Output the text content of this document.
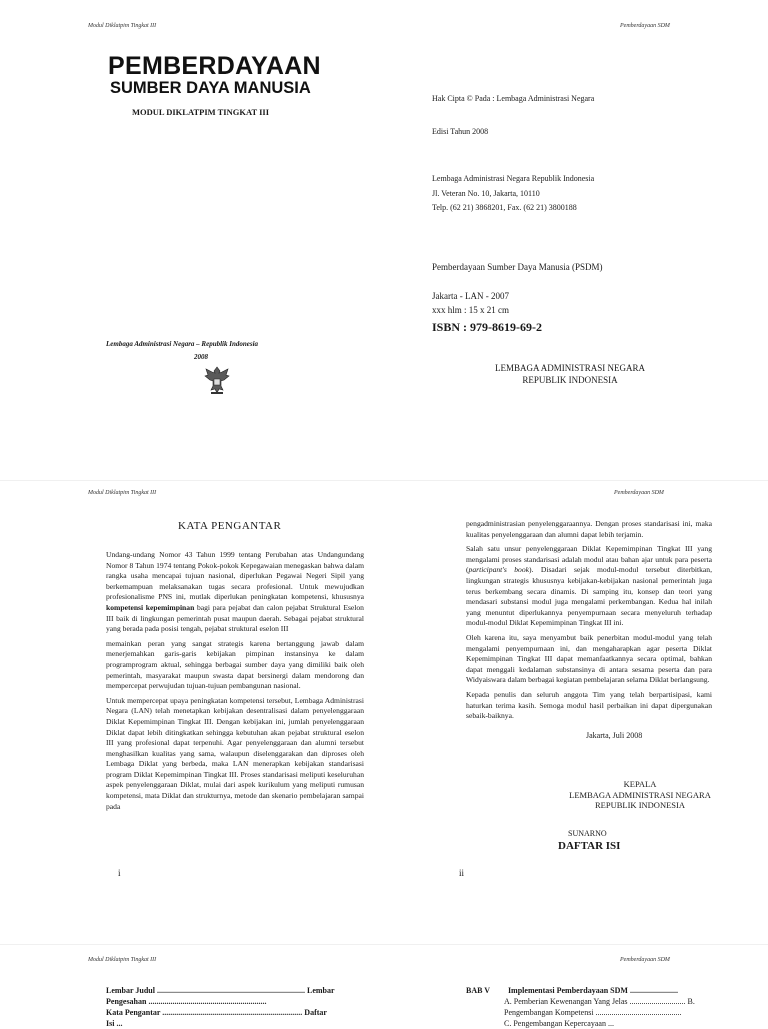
Modul Diklatpim Tingkat III	Pemberdayaan SDM
PEMBERDAYAAN
SUMBER DAYA MANUSIA
MODUL DIKLATPIM TINGKAT III
Lembaga Administrasi Negara – Republik Indonesia
2008
Hak Cipta © Pada : Lembaga Administrasi Negara
Edisi Tahun 2008
Lembaga Administrasi Negara Republik Indonesia
Jl. Veteran No. 10, Jakarta, 10110
Telp. (62 21) 3868201, Fax. (62 21) 3800188
Pemberdayaan Sumber Daya Manusia (PSDM)
Jakarta - LAN - 2007
xxx hlm : 15 x 21 cm
ISBN : 979-8619-69-2
LEMBAGA ADMINISTRASI NEGARA
REPUBLIK INDONESIA
Modul Diklatpim Tingkat III	Pemberdayaan SDM
KATA PENGANTAR

Undang-undang Nomor 43 Tahun 1999 tentang Perubahan atas Undangundang Nomor 8 Tahun 1974 tentang Pokok-pokok Kepegawaian menegaskan bahwa dalam rangka usaha mencapai tujuan nasional, diperlukan Pegawai Negeri Sipil yang berkemampuan melaksanakan tugas secara profesional. Untuk mewujudkan profesionalisme PNS ini, mutlak diperlukan peningkatan kompetensi, khususnya kompetensi kepemimpinan bagi para pejabat dan calon pejabat Struktural Eselon III baik di lingkungan pemerintah pusat maupun daerah. Sebagai pejabat struktural yang berada pada posisi tengah, pejabat struktural eselon III

memainkan peran yang sangat strategis karena bertanggung jawab dalam menerjemahkan garis-garis kebijakan pimpinan instansinya ke dalam programprogram aktual, sehingga berbagai sumber daya yang dimiliki baik oleh pemerintah, masyarakat maupun swasta dapat bersinergi dalam mendorong dan mempercepat perwujudan tujuan-tujuan pembangunan nasional.

Untuk mempercepat upaya peningkatan kompetensi tersebut, Lembaga Administrasi Negara (LAN) telah menetapkan kebijakan desentralisasi dalam penyelenggaraan Diklat Kepemimpinan Tingkat III. Dengan kebijakan ini, jumlah penyelenggaraan Diklat dapat lebih ditingkatkan sehingga kebutuhan akan pejabat struktural eselon III yang profesional dapat terpenuhi. Agar penyelenggaraan dan alumni tersebut menghasilkan kualitas yang sama, walaupun diselenggarakan dan diproses oleh Lembaga Diklat yang berbeda, maka LAN menerapkan kebijakan standarisasi program Diklat Kepemimpinan Tingkat III. Proses standarisasi meliputi keseluruhan aspek penyelenggaraan Diklat, mulai dari aspek kurikulum yang meliputi rumusan kompetensi, mata Diklat dan strukturnya, metode dan skenario pembelajaran sampai pada

pengadministrasian penyelenggaraannya. Dengan proses standarisasi ini, maka kualitas penyelenggaraan dan alumni dapat lebih terjamin.

Salah satu unsur penyelenggaraan Diklat Kepemimpinan Tingkat III yang mengalami proses standarisasi adalah modul atau bahan ajar untuk para peserta (participant's book). Disadari sejak modul-modul tersebut diterbitkan, lingkungan strategis khususnya kebijakan-kebijakan nasional pemerintah juga terus berkembang secara dinamis. Di samping itu, konsep dan teori yang mendasari substansi modul juga mengalami perkembangan. Kedua hal inilah yang menuntut diperlukannya penyempurnaan secara menyeluruh terhadap modul-modul Diklat Kepemimpinan Tingkat III ini.

Oleh karena itu, saya menyambut baik penerbitan modul-modul yang telah mengalami penyempurnaan ini, dan mengaharapkan agar peserta Diklat Kepemimpinan Tingkat III dapat memanfaatkannya secara optimal, bahkan dapat menggali kedalaman substansinya di antara sesama peserta dan para Widyaiswara dalam berbagai kegiatan pembelajaran selama Diklat berlangsung.

Kepada penulis dan seluruh anggota Tim yang telah berpartisipasi, kami haturkan terima kasih. Semoga modul hasil perbaikan ini dapat dipergunakan sebaik-baiknya.

Jakarta, Juli 2008
KEPALA
LEMBAGA ADMINISTRASI NEGARA
REPUBLIK INDONESIA
SUNARNO
DAFTAR ISI
i	ii
Modul Diklatpim Tingkat III	Pemberdayaan SDM
Lembar Judul .......................................................................... Lembar
Pengesahan ...........................................................
Kata Pengantar ...................................................................... Daftar
Isi ...
BAB V Implementasi Pemberdayaan SDM ........................
A. Pemberian Kewenangan Yang Jelas ............................ B.
Pengembangan Kompetensi ...........................................
C. Pengembangan Kepercayaan ...
